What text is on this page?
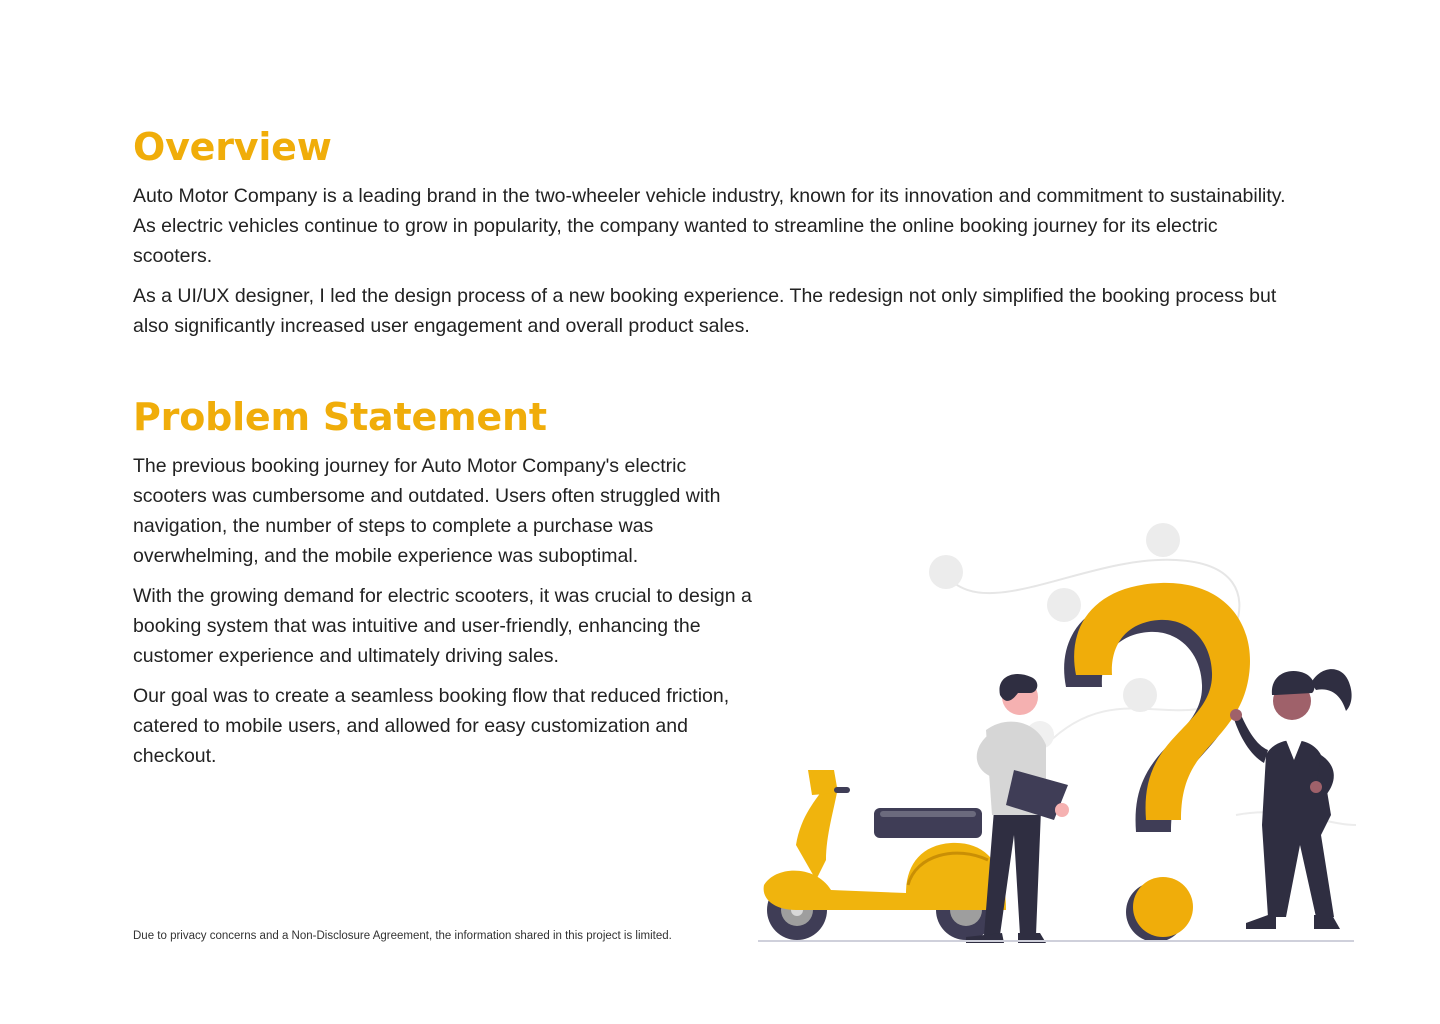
Overview

Auto Motor Company is a leading brand in the two-wheeler vehicle industry, known for its innovation and commitment to sustainability. As electric vehicles continue to grow in popularity, the company wanted to streamline the online booking journey for its electric scooters.

As a UI/UX designer, I led the design process of a new booking experience. The redesign not only simplified the booking process but also significantly increased user engagement and overall product sales.

Problem Statement

The previous booking journey for Auto Motor Company's electric scooters was cumbersome and outdated. Users often struggled with navigation, the number of steps to complete a purchase was overwhelming, and the mobile experience was suboptimal.

With the growing demand for electric scooters, it was crucial to design a booking system that was intuitive and user-friendly, enhancing the customer experience and ultimately driving sales.

Our goal was to create a seamless booking flow that reduced friction, catered to mobile users, and allowed for easy customization and checkout.

Due to privacy concerns and a Non-Disclosure Agreement, the information shared in this project is limited.
